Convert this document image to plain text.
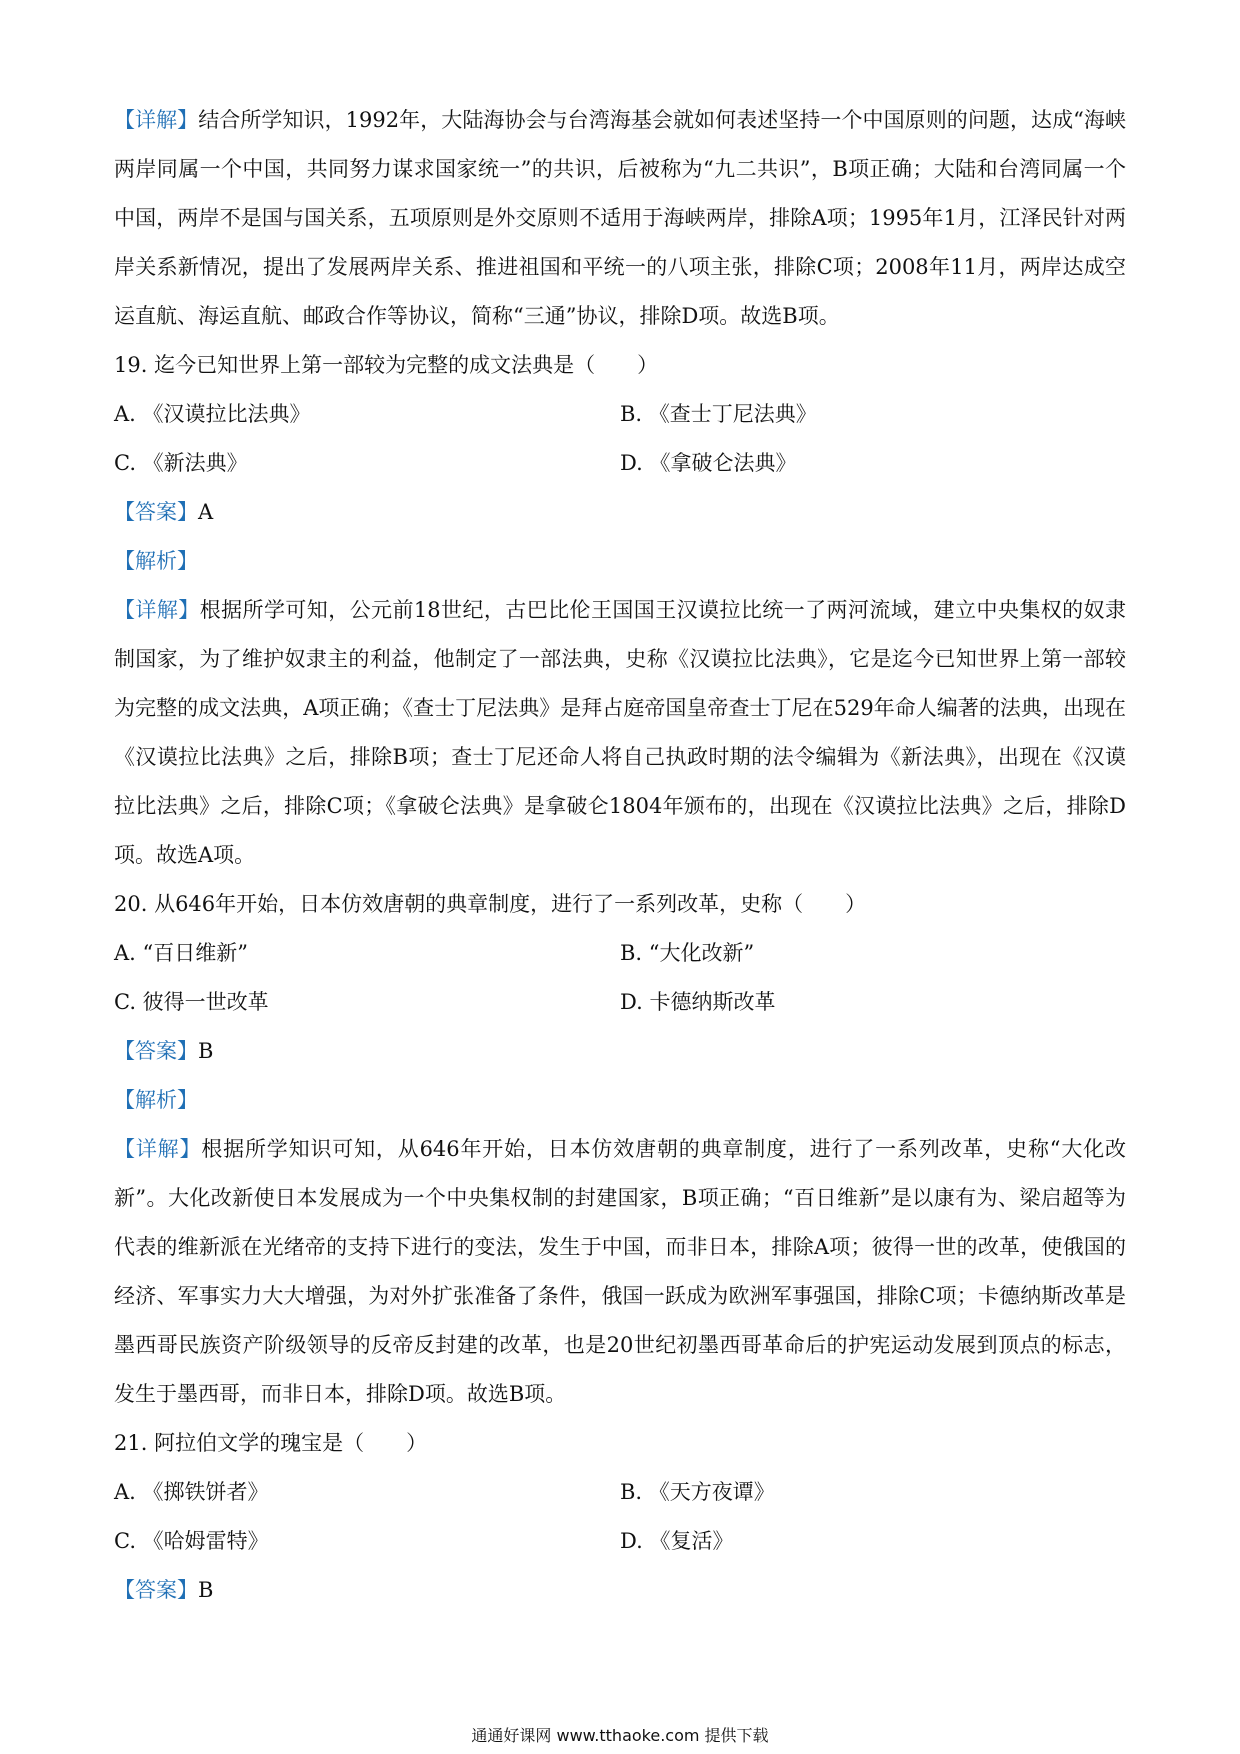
【详解】结合所学知识，1992年，大陆海协会与台湾海基会就如何表述坚持一个中国原则的问题，达成“海峡两岸同属一个中国，共同努力谋求国家统一”的共识，后被称为“九二共识”，B项正确；大陆和台湾同属一个中国，两岸不是国与国关系，五项原则是外交原则不适用于海峡两岸，排除A项；1995年1月，江泽民针对两岸关系新情况，提出了发展两岸关系、推进祖国和平统一的八项主张，排除C项；2008年11月，两岸达成空运直航、海运直航、邮政合作等协议，简称“三通”协议，排除D项。故选B项。

19. 迄今已知世界上第一部较为完整的成文法典是（　　）

A. 《汉谟拉比法典》	B. 《查士丁尼法典》
C. 《新法典》	D. 《拿破仑法典》

【答案】A

【解析】

【详解】根据所学可知，公元前18世纪，古巴比伦王国国王汉谟拉比统一了两河流域，建立中央集权的奴隶制国家，为了维护奴隶主的利益，他制定了一部法典，史称《汉谟拉比法典》，它是迄今已知世界上第一部较为完整的成文法典，A项正确；《查士丁尼法典》是拜占庭帝国皇帝查士丁尼在529年命人编著的法典，出现在《汉谟拉比法典》之后，排除B项；查士丁尼还命人将自己执政时期的法令编辑为《新法典》，出现在《汉谟拉比法典》之后，排除C项；《拿破仑法典》是拿破仑1804年颁布的，出现在《汉谟拉比法典》之后，排除D项。故选A项。

20. 从646年开始，日本仿效唐朝的典章制度，进行了一系列改革，史称（　　）

A. “百日维新”	B. “大化改新”
C. 彼得一世改革	D. 卡德纳斯改革

【答案】B

【解析】

【详解】根据所学知识可知，从646年开始，日本仿效唐朝的典章制度，进行了一系列改革，史称“大化改新”。大化改新使日本发展成为一个中央集权制的封建国家，B项正确；“百日维新”是以康有为、梁启超等为代表的维新派在光绪帝的支持下进行的变法，发生于中国，而非日本，排除A项；彼得一世的改革，使俄国的经济、军事实力大大增强，为对外扩张准备了条件，俄国一跃成为欧洲军事强国，排除C项；卡德纳斯改革是墨西哥民族资产阶级领导的反帝反封建的改革，也是20世纪初墨西哥革命后的护宪运动发展到顶点的标志，发生于墨西哥，而非日本，排除D项。故选B项。

21. 阿拉伯文学的瑰宝是（　　）

A. 《掷铁饼者》	B. 《天方夜谭》
C. 《哈姆雷特》	D. 《复活》

【答案】B

通通好课网 www.tthaoke.com 提供下载
